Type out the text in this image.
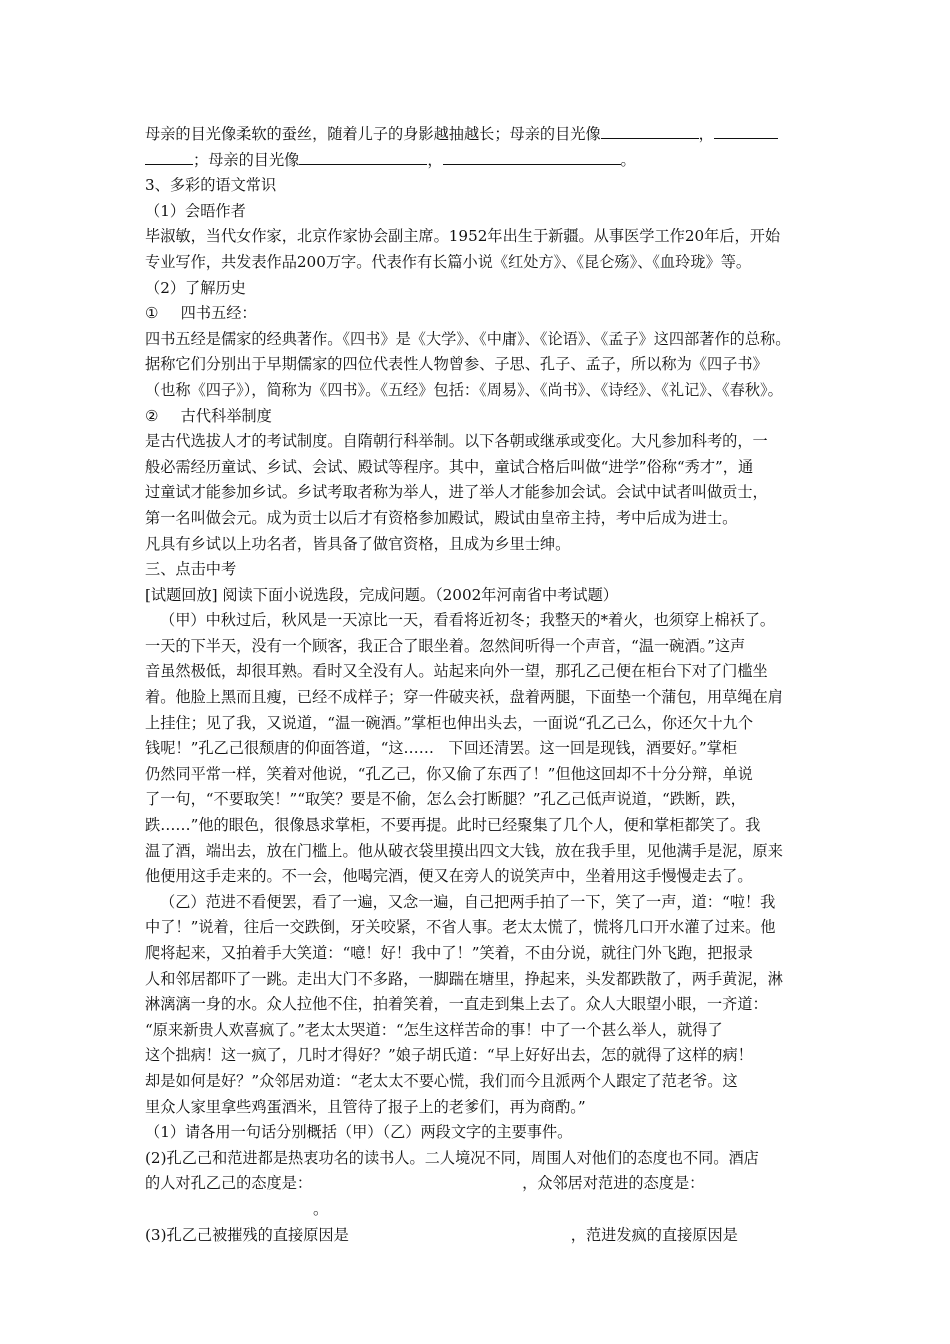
母亲的目光像柔软的蚕丝，随着儿子的身影越抽越长；母亲的目光像	，
；母亲的目光像	，	。
3、多彩的语文常识
（1）会晤作者
毕淑敏，当代女作家，北京作家协会副主席。1952年出生于新疆。从事医学工作20年后，开始
专业写作，共发表作品200万字。代表作有长篇小说《红处方》、《昆仑殇》、《血玲珑》等。
（2）了解历史
① 四书五经：
四书五经是儒家的经典著作。《四书》是《大学》、《中庸》、《论语》、《孟子》这四部著作的总称。
据称它们分别出于早期儒家的四位代表性人物曾参、子思、孔子、孟子，所以称为《四子书》
（也称《四子》），简称为《四书》。《五经》包括：《周易》、《尚书》、《诗经》、《礼记》、《春秋》。
② 古代科举制度
是古代选拔人才的考试制度。自隋朝行科举制。以下各朝或继承或变化。大凡参加科考的，一
般必需经历童试、乡试、会试、殿试等程序。其中，童试合格后叫做“进学”俗称“秀才”，通
过童试才能参加乡试。乡试考取者称为举人，进了举人才能参加会试。会试中试者叫做贡士，
第一名叫做会元。成为贡士以后才有资格参加殿试，殿试由皇帝主持，考中后成为进士。
凡具有乡试以上功名者，皆具备了做官资格，且成为乡里士绅。
三、点击中考
[试题回放] 阅读下面小说选段，完成问题。（2002年河南省中考试题）
（甲）中秋过后，秋风是一天凉比一天，看看将近初冬；我整天的*着火，也须穿上棉袄了。
一天的下半天，没有一个顾客，我正合了眼坐着。忽然间听得一个声音，“温一碗酒。”这声
音虽然极低，却很耳熟。看时又全没有人。站起来向外一望，那孔乙己便在柜台下对了门槛坐
着。他脸上黑而且瘦，已经不成样子；穿一件破夹袄，盘着两腿，下面垫一个蒲包，用草绳在肩
上挂住；见了我，又说道，“温一碗酒。”掌柜也伸出头去，一面说“孔乙己么，你还欠十九个
钱呢！”孔乙己很颓唐的仰面答道，“这……   下回还清罢。这一回是现钱，酒要好。”掌柜
仍然同平常一样，笑着对他说，“孔乙己，你又偷了东西了！”但他这回却不十分分辩，单说
了一句，“不要取笑！”“取笑？要是不偷，怎么会打断腿？”孔乙己低声说道，“跌断，跌，
跌……”他的眼色，很像恳求掌柜，不要再提。此时已经聚集了几个人，便和掌柜都笑了。我
温了酒，端出去，放在门槛上。他从破衣袋里摸出四文大钱，放在我手里，见他满手是泥，原来
他便用这手走来的。不一会，他喝完酒，便又在旁人的说笑声中，坐着用这手慢慢走去了。
（乙）范进不看便罢，看了一遍，又念一遍，自己把两手拍了一下，笑了一声，道：“啦！我
中了！”说着，往后一交跌倒，牙关咬紧，不省人事。老太太慌了，慌将几口开水灌了过来。他
爬将起来，又拍着手大笑道：“噫！好！我中了！”笑着，不由分说，就往门外飞跑，把报录
人和邻居都吓了一跳。走出大门不多路，一脚踹在塘里，挣起来，头发都跌散了，两手黄泥，淋
淋漓漓一身的水。众人拉他不住，拍着笑着，一直走到集上去了。众人大眼望小眼，一齐道：
“原来新贵人欢喜疯了。”老太太哭道：“怎生这样苦命的事！中了一个甚么举人，就得了
这个拙病！这一疯了，几时才得好？”娘子胡氏道：“早上好好出去，怎的就得了这样的病！
却是如何是好？”众邻居劝道：“老太太不要心慌，我们而今且派两个人跟定了范老爷。这
里众人家里拿些鸡蛋酒米，且管待了报子上的老爹们，再为商酌。”
（1）请各用一句话分别概括（甲）（乙）两段文字的主要事件。
(2)孔乙己和范进都是热衷功名的读书人。二人境况不同，周围人对他们的态度也不同。酒店
的人对孔乙己的态度是：	，众邻居对范进的态度是：
。
(3)孔乙己被摧残的直接原因是	，范进发疯的直接原因是
